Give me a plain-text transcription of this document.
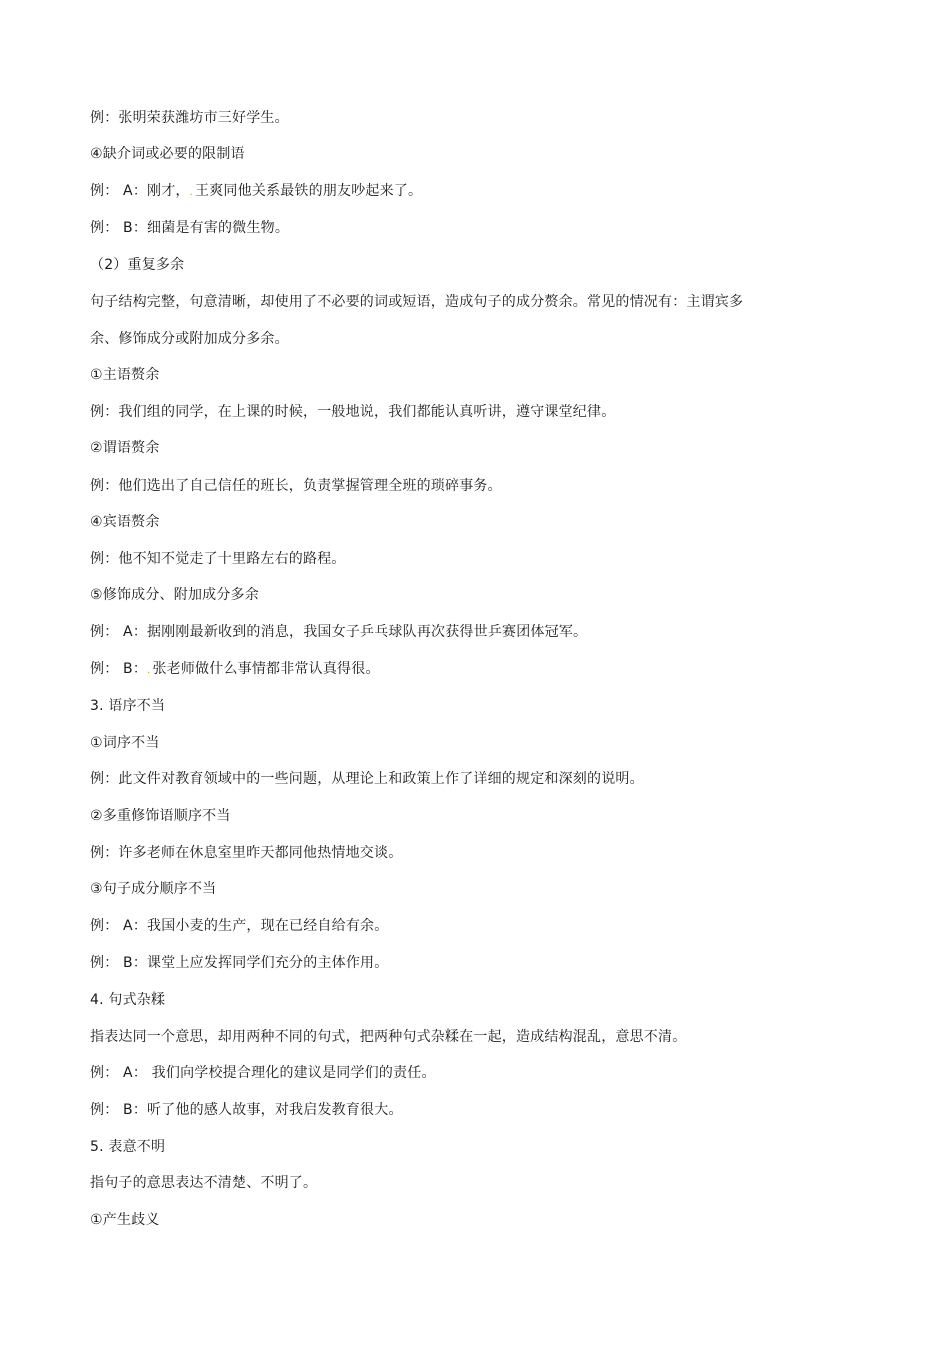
例：张明荣获潍坊市三好学生。
④缺介词或必要的限制语
例： A：刚才，. 王爽同他关系最铁的朋友吵起来了。
例： B：细菌是有害的微生物。
（2）重复多余
句子结构完整，句意清晰，却使用了不必要的词或短语，造成句子的成分赘余。常见的情况有：主谓宾多
余、修饰成分或附加成分多余。
①主语赘余
例：我们组的同学，在上课的时候，一般地说，我们都能认真听讲，遵守课堂纪律。
②谓语赘余
例：他们选出了自己信任的班长，负责掌握管理全班的琐碎事务。
④宾语赘余
例：他不知不觉走了十里路左右的路程。
⑤修饰成分、附加成分多余
例： A：据刚刚最新收到的消息，我国女子乒乓球队再次获得世乒赛团体冠军。
例： B：. 张老师做什么事情都非常认真得很。
3. 语序不当
①词序不当
例：此文件对教育领域中的一些问题，从理论上和政策上作了详细的规定和深刻的说明。
②多重修饰语顺序不当
例：许多老师在休息室里昨天都同他热情地交谈。
③句子成分顺序不当
例： A：我国小麦的生产，现在已经自给有余。
例： B：课堂上应发挥同学们充分的主体作用。
4. 句式杂糅
指表达同一个意思，却用两种不同的句式，把两种句式杂糅在一起，造成结构混乱，意思不清。
例： A： 我们向学校提合理化的建议是同学们的责任。
例： B：听了他的感人故事，对我启发教育很大。
5. 表意不明
指句子的意思表达不清楚、不明了。
①产生歧义
